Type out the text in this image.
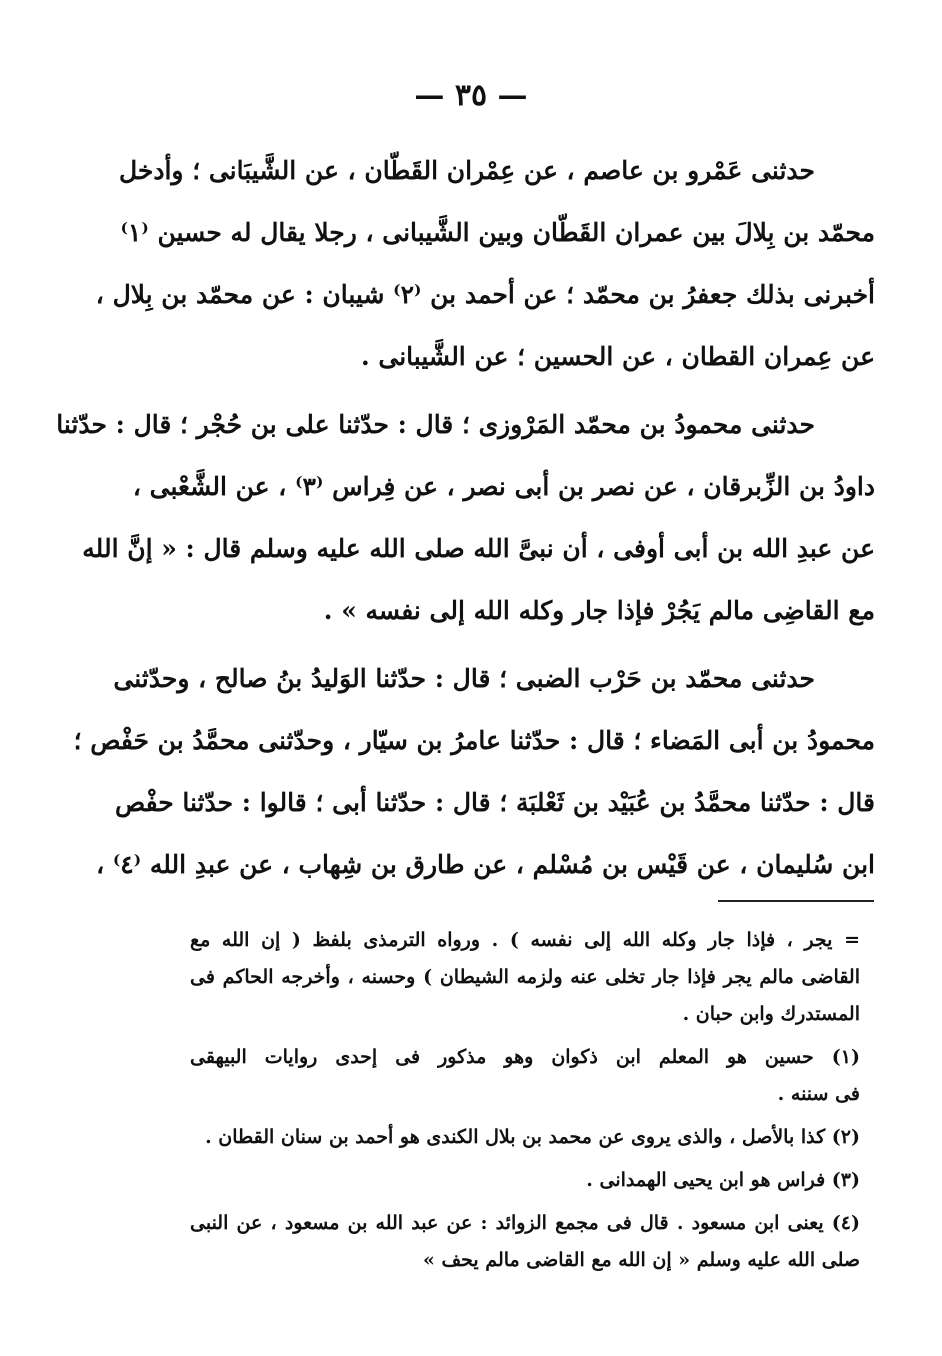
— ٣٥ —
حدثنى عَمْرو بن عاصم ، عن عِمْران القَطّان ، عن الشَّيبَانى ؛ وأدخل
محمّد بن بِلالَ بين عمران القَطّان وبين الشَّيبانى ، رجلا يقال له حسين ⁽١⁾
أخبرنى بذلك جعفرُ بن محمّد ؛ عن أحمد بن ⁽٢⁾ شيبان : عن محمّد بن بِلال ،
عن عِمران القطان ، عن الحسين ؛ عن الشَّيبانى .
حدثنى محمودُ بن محمّد المَرْوزى ؛ قال : حدّثنا على بن حُجْر ؛ قال : حدّثنا
داودُ بن الزِّبرقان ، عن نصر بن أبى نصر ، عن فِراس ⁽٣⁾ ، عن الشَّعْبى ،
عن عبدِ الله بن أبى أوفى ، أن نبىَّ الله صلى الله عليه وسلم قال : « إنَّ الله
مع القاضِى مالم يَجُرْ فإذا جار وكله الله إلى نفسه » .
حدثنى محمّد بن حَرْب الضبى ؛ قال : حدّثنا الوَليدُ بنُ صالح ، وحدّثنى
محمودُ بن أبى المَضاء ؛ قال : حدّثنا عامرُ بن سيّار ، وحدّثنى محمَّدُ بن حَفْص ؛
قال : حدّثنا محمَّدُ بن عُبَيْد بن ثَعْلبَة ؛ قال : حدّثنا أبى ؛ قالوا : حدّثنا حفْص
ابن سُليمان ، عن قَيْس بن مُسْلم ، عن طارق بن شِهاب ، عن عبدِ الله ⁽٤⁾ ،
= يجر ، فإذا جار وكله الله إلى نفسه ) . ورواه الترمذى بلفظ ( إن الله مع
القاضى مالم يجر فإذا جار تخلى عنه ولزمه الشيطان ) وحسنه ، وأخرجه الحاكم فى
المستدرك وابن حبان .
(١) حسين هو المعلم ابن ذكوان وهو مذكور فى إحدى روايات البيهقى
فى سننه .
(٢) كذا بالأصل ، والذى يروى عن محمد بن بلال الكندى هو أحمد بن سنان القطان .
(٣) فراس هو ابن يحيى الهمدانى .
(٤) يعنى ابن مسعود . قال فى مجمع الزوائد : عن عبد الله بن مسعود ، عن النبى
صلى الله عليه وسلم « إن الله مع القاضى مالم يحف »
